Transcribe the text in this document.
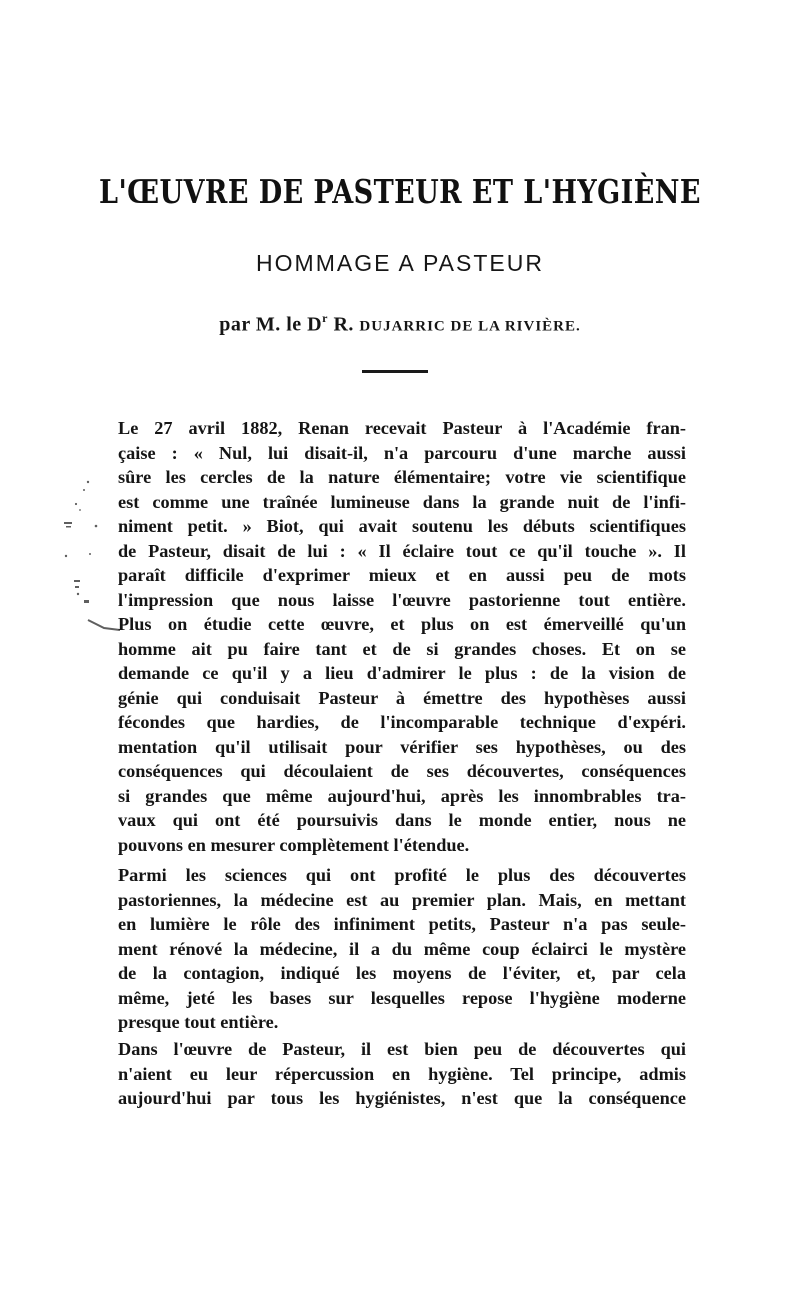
L'ŒUVRE DE PASTEUR ET L'HYGIÈNE
HOMMAGE A PASTEUR
par M. le $D^r$ R. DUJARRIC DE LA RIVIÈRE.
Le 27 avril 1882, Renan recevait Pasteur à l'Académie fran-
çaise : « Nul, lui disait-il, n'a parcouru d'une marche aussi
sûre les cercles de la nature élémentaire; votre vie scientifique
est comme une traînée lumineuse dans la grande nuit de l'infi-
niment petit. » Biot, qui avait soutenu les débuts scientifiques
de Pasteur, disait de lui : « Il éclaire tout ce qu'il touche ». Il
paraît difficile d'exprimer mieux et en aussi peu de mots
l'impression que nous laisse l'œuvre pastorienne tout entière.
Plus on étudie cette œuvre, et plus on est émerveillé qu'un
homme ait pu faire tant et de si grandes choses. Et on se
demande ce qu'il y a lieu d'admirer le plus : de la vision de
génie qui conduisait Pasteur à émettre des hypothèses aussi
fécondes que hardies, de l'incomparable technique d'expéri.
mentation qu'il utilisait pour vérifier ses hypothèses, ou des
conséquences qui découlaient de ses découvertes, conséquences
si grandes que même aujourd'hui, après les innombrables tra-
vaux qui ont été poursuivis dans le monde entier, nous ne
pouvons en mesurer complètement l'étendue.
Parmi les sciences qui ont profité le plus des découvertes
pastoriennes, la médecine est au premier plan. Mais, en mettant
en lumière le rôle des infiniment petits, Pasteur n'a pas seule-
ment rénové la médecine, il a du même coup éclairci le mystère
de la contagion, indiqué les moyens de l'éviter, et, par cela
même, jeté les bases sur lesquelles repose l'hygiène moderne
presque tout entière.
Dans l'œuvre de Pasteur, il est bien peu de découvertes qui
n'aient eu leur répercussion en hygiène. Tel principe, admis
aujourd'hui par tous les hygiénistes, n'est que la conséquence
